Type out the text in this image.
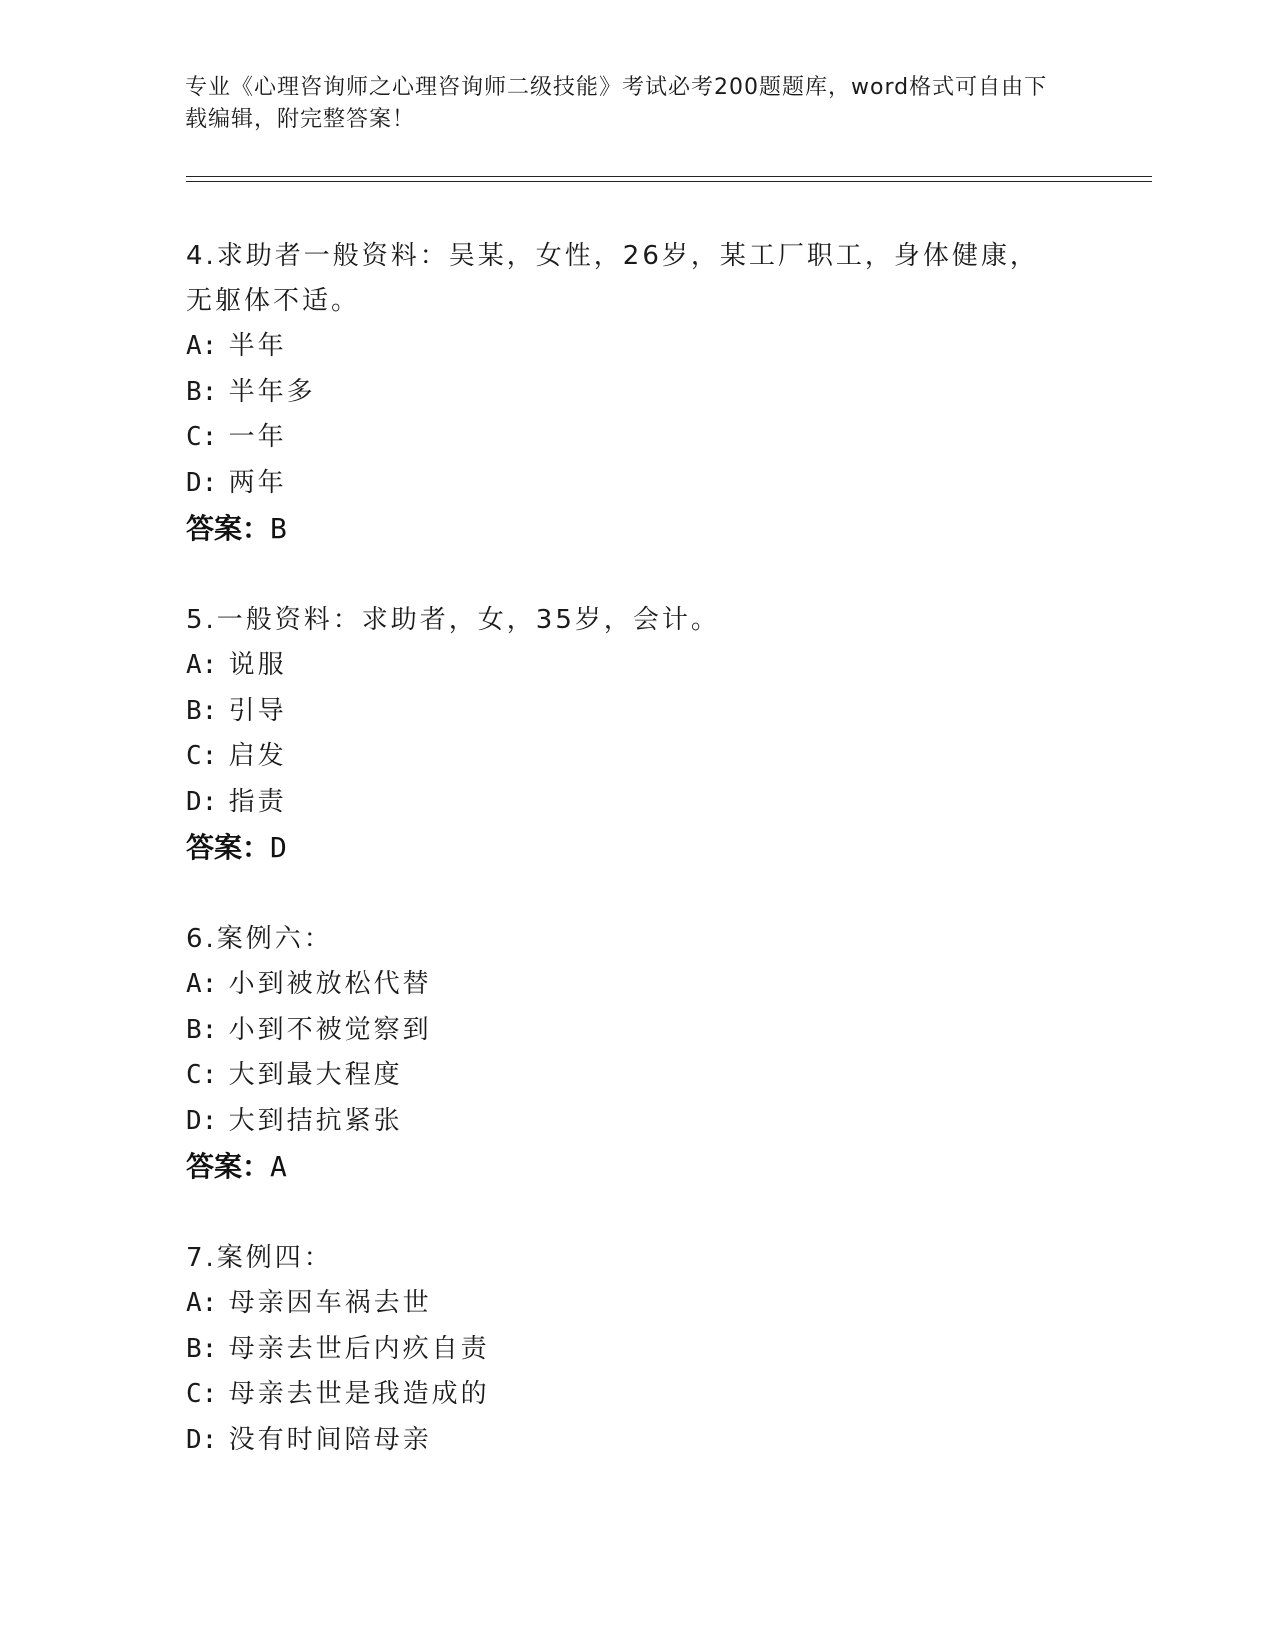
专业《心理咨询师之心理咨询师二级技能》考试必考200题题库，word格式可自由下载编辑，附完整答案！
4.求助者一般资料：吴某，女性，26岁，某工厂职工，身体健康，无躯体不适。
A: 半年
B: 半年多
C: 一年
D: 两年
答案：B
5.一般资料：求助者，女，35岁，会计。
A: 说服
B: 引导
C: 启发
D: 指责
答案：D
6.案例六：
A: 小到被放松代替
B: 小到不被觉察到
C: 大到最大程度
D: 大到拮抗紧张
答案：A
7.案例四：
A: 母亲因车祸去世
B: 母亲去世后内疚自责
C: 母亲去世是我造成的
D: 没有时间陪母亲
